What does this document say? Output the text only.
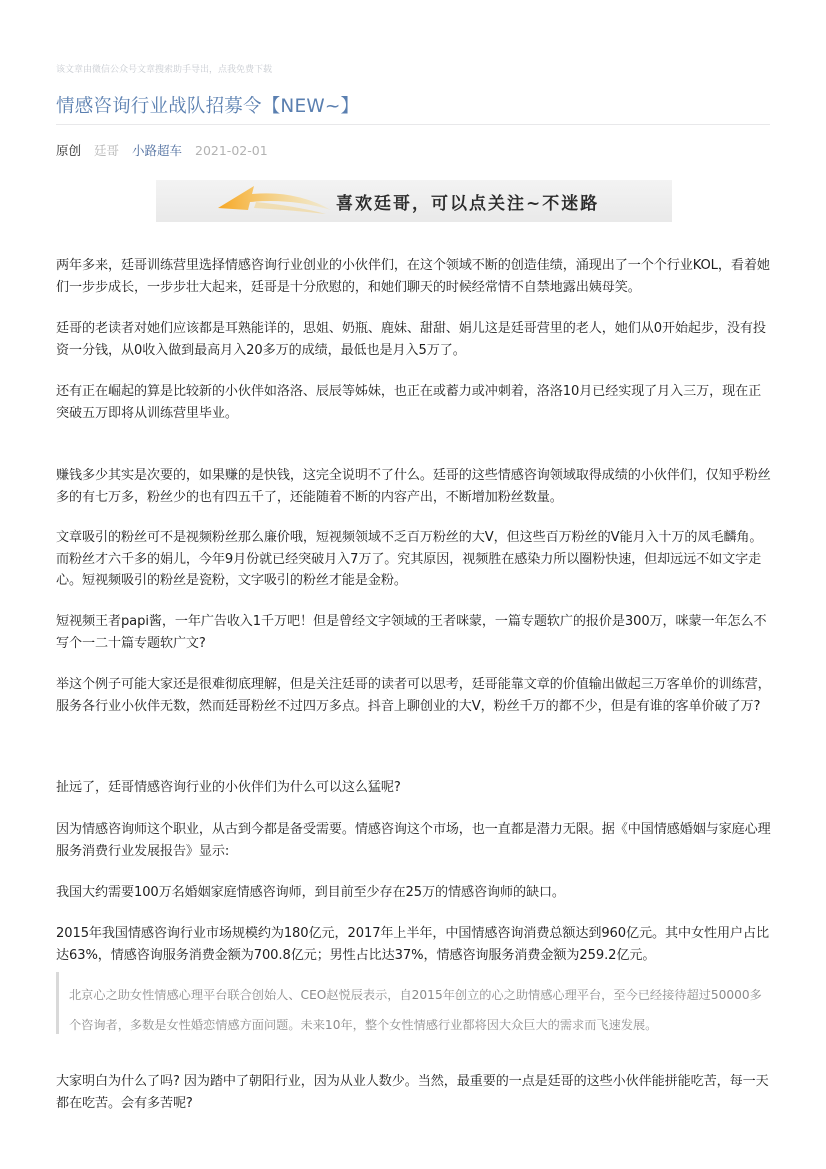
该文章由微信公众号文章搜索助手导出，点我免费下载
情感咨询行业战队招募令【NEW~】
原创 廷哥 小路超车 2021-02-01
喜欢廷哥，可以点关注~不迷路
两年多来，廷哥训练营里选择情感咨询行业创业的小伙伴们，在这个领域不断的创造佳绩，涌现出了一个个行业KOL，看着她们一步步成长，一步步壮大起来，廷哥是十分欣慰的，和她们聊天的时候经常情不自禁地露出姨母笑。
廷哥的老读者对她们应该都是耳熟能详的，思姐、奶瓶、鹿妹、甜甜、娟儿这是廷哥营里的老人，她们从0开始起步，没有投资一分钱，从0收入做到最高月入20多万的成绩，最低也是月入5万了。
还有正在崛起的算是比较新的小伙伴如洛洛、辰辰等姊妹，也正在或蓄力或冲刺着，洛洛10月已经实现了月入三万，现在正突破五万即将从训练营里毕业。
赚钱多少其实是次要的，如果赚的是快钱，这完全说明不了什么。廷哥的这些情感咨询领域取得成绩的小伙伴们，仅知乎粉丝多的有七万多，粉丝少的也有四五千了，还能随着不断的内容产出，不断增加粉丝数量。
文章吸引的粉丝可不是视频粉丝那么廉价哦，短视频领域不乏百万粉丝的大V，但这些百万粉丝的V能月入十万的凤毛麟角。而粉丝才六千多的娟儿，今年9月份就已经突破月入7万了。究其原因，视频胜在感染力所以圈粉快速，但却远远不如文字走心。短视频吸引的粉丝是瓷粉，文字吸引的粉丝才能是金粉。
短视频王者papi酱，一年广告收入1千万吧！但是曾经文字领域的王者咪蒙，一篇专题软广的报价是300万，咪蒙一年怎么不写个一二十篇专题软广文?
举这个例子可能大家还是很难彻底理解，但是关注廷哥的读者可以思考，廷哥能靠文章的价值输出做起三万客单价的训练营，服务各行业小伙伴无数，然而廷哥粉丝不过四万多点。抖音上聊创业的大V，粉丝千万的都不少，但是有谁的客单价破了万?
扯远了，廷哥情感咨询行业的小伙伴们为什么可以这么猛呢?
因为情感咨询师这个职业，从古到今都是备受需要。情感咨询这个市场，也一直都是潜力无限。据《中国情感婚姻与家庭心理服务消费行业发展报告》显示:
我国大约需要100万名婚姻家庭情感咨询师，到目前至少存在25万的情感咨询师的缺口。
2015年我国情感咨询行业市场规模约为180亿元，2017年上半年，中国情感咨询消费总额达到960亿元。其中女性用户占比达63%，情感咨询服务消费金额为700.8亿元；男性占比达37%，情感咨询服务消费金额为259.2亿元。
北京心之助女性情感心理平台联合创始人、CEO赵悦辰表示，自2015年创立的心之助情感心理平台，至今已经接待超过50000多个咨询者，多数是女性婚恋情感方面问题。未来10年，整个女性情感行业都将因大众巨大的需求而飞速发展。
大家明白为什么了吗? 因为踏中了朝阳行业，因为从业人数少。当然，最重要的一点是廷哥的这些小伙伴能拼能吃苦，每一天都在吃苦。会有多苦呢?
